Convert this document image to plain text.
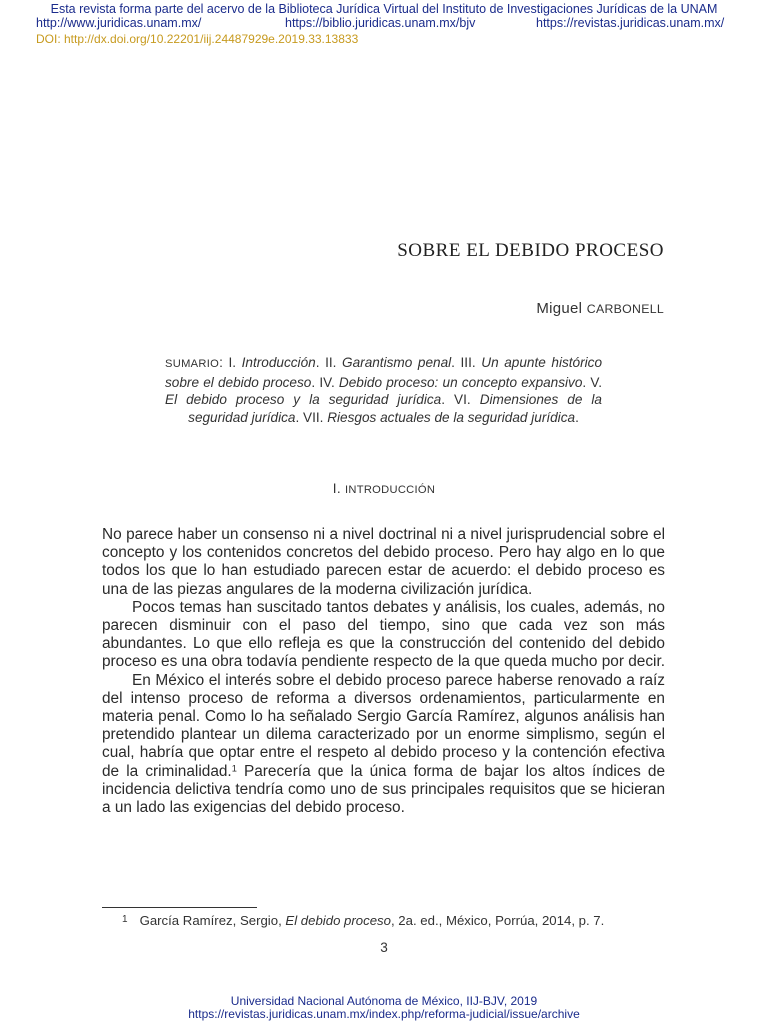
Esta revista forma parte del acervo de la Biblioteca Jurídica Virtual del Instituto de Investigaciones Jurídicas de la UNAM
http://www.juridicas.unam.mx/	https://biblio.juridicas.unam.mx/bjv	https://revistas.juridicas.unam.mx/
DOI: http://dx.doi.org/10.22201/iij.24487929e.2019.33.13833
SOBRE EL DEBIDO PROCESO
Miguel CARBONELL
SUMARIO: I. Introducción. II. Garantismo penal. III. Un apunte histórico sobre el debido proceso. IV. Debido proceso: un concepto expansivo. V. El debido proceso y la seguridad jurídica. VI. Dimensiones de la seguridad jurídica. VII. Riesgos actuales de la seguridad jurídica.
I. INTRODUCCIÓN

No parece haber un consenso ni a nivel doctrinal ni a nivel jurisprudencial sobre el concepto y los contenidos concretos del debido proceso. Pero hay algo en lo que todos los que lo han estudiado parecen estar de acuerdo: el debido proceso es una de las piezas angulares de la moderna civilización jurídica.

Pocos temas han suscitado tantos debates y análisis, los cuales, además, no parecen disminuir con el paso del tiempo, sino que cada vez son más abundantes. Lo que ello refleja es que la construcción del contenido del debido proceso es una obra todavía pendiente respecto de la que queda mucho por decir.

En México el interés sobre el debido proceso parece haberse renovado a raíz del intenso proceso de reforma a diversos ordenamientos, particularmente en materia penal. Como lo ha señalado Sergio García Ramírez, algunos análisis han pretendido plantear un dilema caracterizado por un enorme simplismo, según el cual, habría que optar entre el respeto al debido proceso y la contención efectiva de la criminalidad.$^1$ Parecería que la única forma de bajar los altos índices de incidencia delictiva tendría como uno de sus principales requisitos que se hicieran a un lado las exigencias del debido proceso.

$^1$ García Ramírez, Sergio, El debido proceso, 2a. ed., México, Porrúa, 2014, p. 7.
3
Universidad Nacional Autónoma de México, IIJ-BJV, 2019
https://revistas.juridicas.unam.mx/index.php/reforma-judicial/issue/archive
